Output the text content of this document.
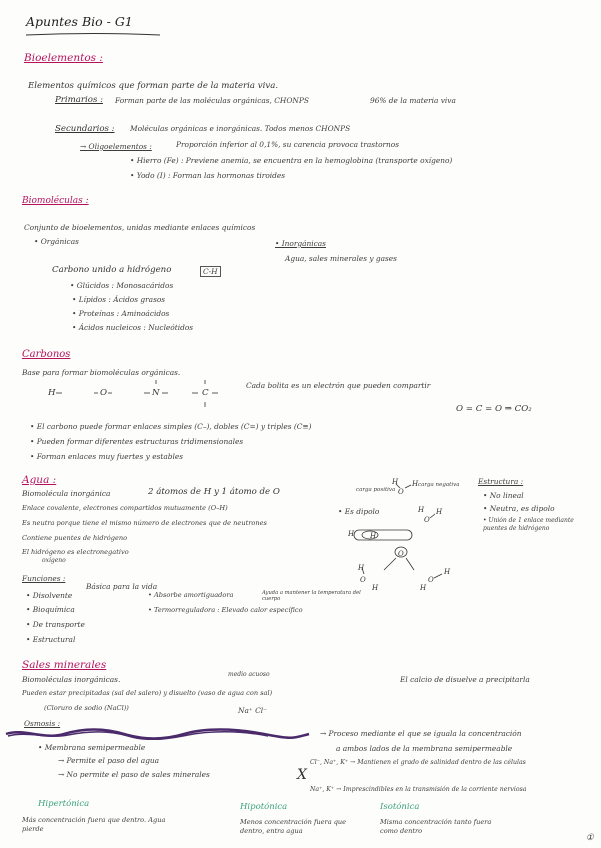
Apuntes Bio - G1
Bioelementos :
Elementos químicos que forman parte de la materia viva.
Primarios : Forman parte de las moléculas orgánicas, CHONPS	96% de la materia viva
Secundarios : Moléculas orgánicas e inorgánicas. Todos menos CHONPS
→ Oligoelementos :	Proporción inferior al 0,1%, su carencia provoca trastornos
• Hierro (Fe) : Previene anemia, se encuentra en la hemoglobina (transporte oxígeno)
• Yodo (I) : Forman las hormonas tiroides
Biomoléculas :
Conjunto de bioelementos, unidas mediante enlaces químicos
• Orgánicas	• Inorgánicas
Agua, sales minerales y gases
Carbono unido a hidrógeno	C-H
• Glúcidos : Monosacáridos
• Lípidos : Ácidos grasos
• Proteínas : Aminoácidos
• Ácidos nucleicos : Nucleótidos
Carbonos
Base para formar biomoléculas orgánicas.
H	O	N	C
Cada bolita es un electrón que pueden compartir
O = C = O ⇒ CO₂
• El carbono puede formar enlaces simples (C–), dobles (C=) y triples (C≡)
• Pueden formar diferentes estructuras tridimensionales
• Forman enlaces muy fuertes y estables
Agua :
Biomolécula inorgánica	2 átomos de H y 1 átomo de O
Enlace covalente, electrones compartidos mutuamente (O–H)
Es neutra porque tiene el mismo número de electrones que de neutrones
Contiene puentes de hidrógeno
El hidrógeno es electronegativo
oxígeno
carga positiva
carga negativa
• Es dipolo
O
H H
O
H
H
H H
O
H
O
H
O
H
H
Estructura :
• No lineal
• Neutra, es dipolo
• Unión de 1 enlace mediante puentes de hidrógeno
Funciones :
Básica para la vida
• Disolvente
• Bioquímica
• De transporte
• Estructural
• Absorbe amortiguadora	Ayuda a mantener la temperatura del cuerpo
• Termorreguladora : Elevado calor específico
Sales minerales
Biomoléculas inorgánicas.
medio acuoso
Pueden estar precipitadas (sal del salero) y disuelto (vaso de agua con sal)
(Cloruro de sodio (NaCl))	Na⁺ Cl⁻
El calcio de disuelve a precipitarla
Osmosis :
→ Proceso mediante el que se iguala la concentración
a ambos lados de la membrana semipermeable
• Membrana semipermeable
→ Permite el paso del agua
→ No permite el paso de sales minerales	X
Cl⁻, Na⁺, K⁺ → Mantienen el grado de salinidad dentro de las células
Na⁺, K⁺ → Imprescindibles en la transmisión de la corriente nerviosa
Hipertónica	Hipotónica	Isotónica
Más concentración fuera que dentro. Agua pierde
Menos concentración fuera que dentro, entra agua
Misma concentración tanto fuera como dentro
①
